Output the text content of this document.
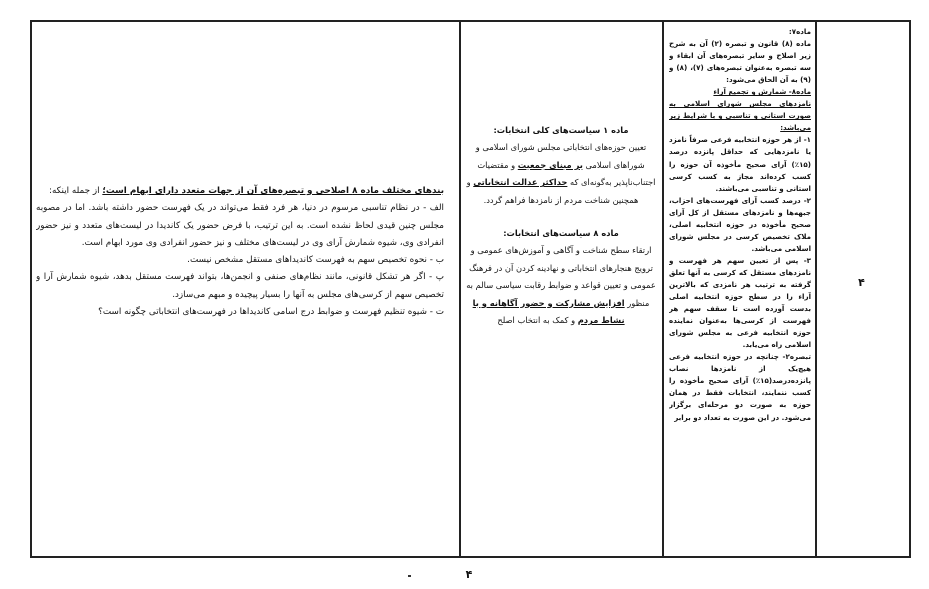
۴

ماده۷:

ماده (۸) قانون و تبصره (۲) آن به شرح زیر اصلاح و سایر تبصره‌های آن ابقاء و سه تبصره به‌عنوان تبصره‌های (۷)، (۸) و (۹) به آن الحاق می‌شود:

ماده۸- شمارش و تجمیع آراء

نامزدهای مجلس شورای اسلامی به صورت استانی و تناسبی و با شرایط زیر می‌باشد:

۱- از هر حوزه انتخابیه فرعی صرفاً نامزد یا نامزدهایی که حداقل پانزده درصد (۱۵٪) آرای صحیح مأخوذه آن حوزه را کسب کرده‌اند مجاز به کسب کرسی استانی و تناسبی می‌باشند.

۲- درصد کسب آرای فهرست‌های احزاب، جبهه‌ها و نامزدهای مستقل از کل آرای صحیح مأخوذه در حوزه انتخابیه اصلی، ملاک تخصیص کرسی در مجلس شورای اسلامی می‌باشد.

۳- پس از تعیین سهم هر فهرست و نامزدهای مستقل که کرسی به آنها تعلق گرفته به ترتیب هر نامزدی که بالاترین آراء را در سطح حوزه انتخابیه اصلی بدست آورده است تا سقف سهم هر فهرست از کرسی‌ها به‌عنوان نماینده حوزه انتخابیه فرعی به مجلس شورای اسلامی راه می‌یابد.

تبصره۲- چنانچه در حوزه انتخابیه فرعی هیچ‌یک از نامزدها نصاب پانزده‌درصد(۱۵٪) آرای صحیح مأخوذه را کسب ننمایند، انتخابات فقط در همان حوزه به صورت دو مرحله‌ای برگزار می‌شود. در این صورت به تعداد دو برابر

ماده ۱ سیاست‌های کلی انتخابات:

تعیین حوزه‌های انتخاباتی مجلس شورای اسلامی و شوراهای اسلامی بر مبنای جمعیت و مقتضیات اجتناب‌ناپذیر به‌گونه‌ای که حداکثر عدالت انتخاباتی و همچنین شناخت مردم از نامزدها فراهم گردد.

ماده ۸ سیاست‌های انتخابات:

ارتقاء سطح شناخت و آگاهی و آموزش‌های عمومی و ترویج هنجارهای انتخاباتی و نهادینه کردن آن در فرهنگ عمومی و تعیین قواعد و ضوابط رقابت سیاسی سالم به منظور افزایش مشارکت و حضور آگاهانه و با نشاط مردم و کمک به انتخاب اصلح

بندهای مختلف ماده ۸ اصلاحی و تبصره‌های آن از جهات متعدد دارای ابهام است؛ از جمله اینکه:

الف - در نظام تناسبی مرسوم در دنیا، هر فرد فقط می‌تواند در یک فهرست حضور داشته باشد. اما در مصوبه مجلس چنین قیدی لحاظ نشده است. به این ترتیب، با فرض حضور یک کاندیدا در لیست‌های متعدد و نیز حضور انفرادی وی، شیوه شمارش آرای وی در لیست‌های مختلف و نیز حضور انفرادی وی مورد ابهام است.

ب - نحوه تخصیص سهم به فهرست کاندیداهای مستقل مشخص نیست.

پ - اگر هر تشکل قانونی، مانند نظام‌های صنفی و انجمن‌ها، بتواند فهرست مستقل بدهد، شیوه شمارش آرا و تخصیص سهم از کرسی‌های مجلس به آنها را بسیار پیچیده و مبهم می‌سازد.

ت - شیوه تنظیم فهرست و ضوابط درج اسامی کاندیداها در فهرست‌های انتخاباتی چگونه است؟

۴
